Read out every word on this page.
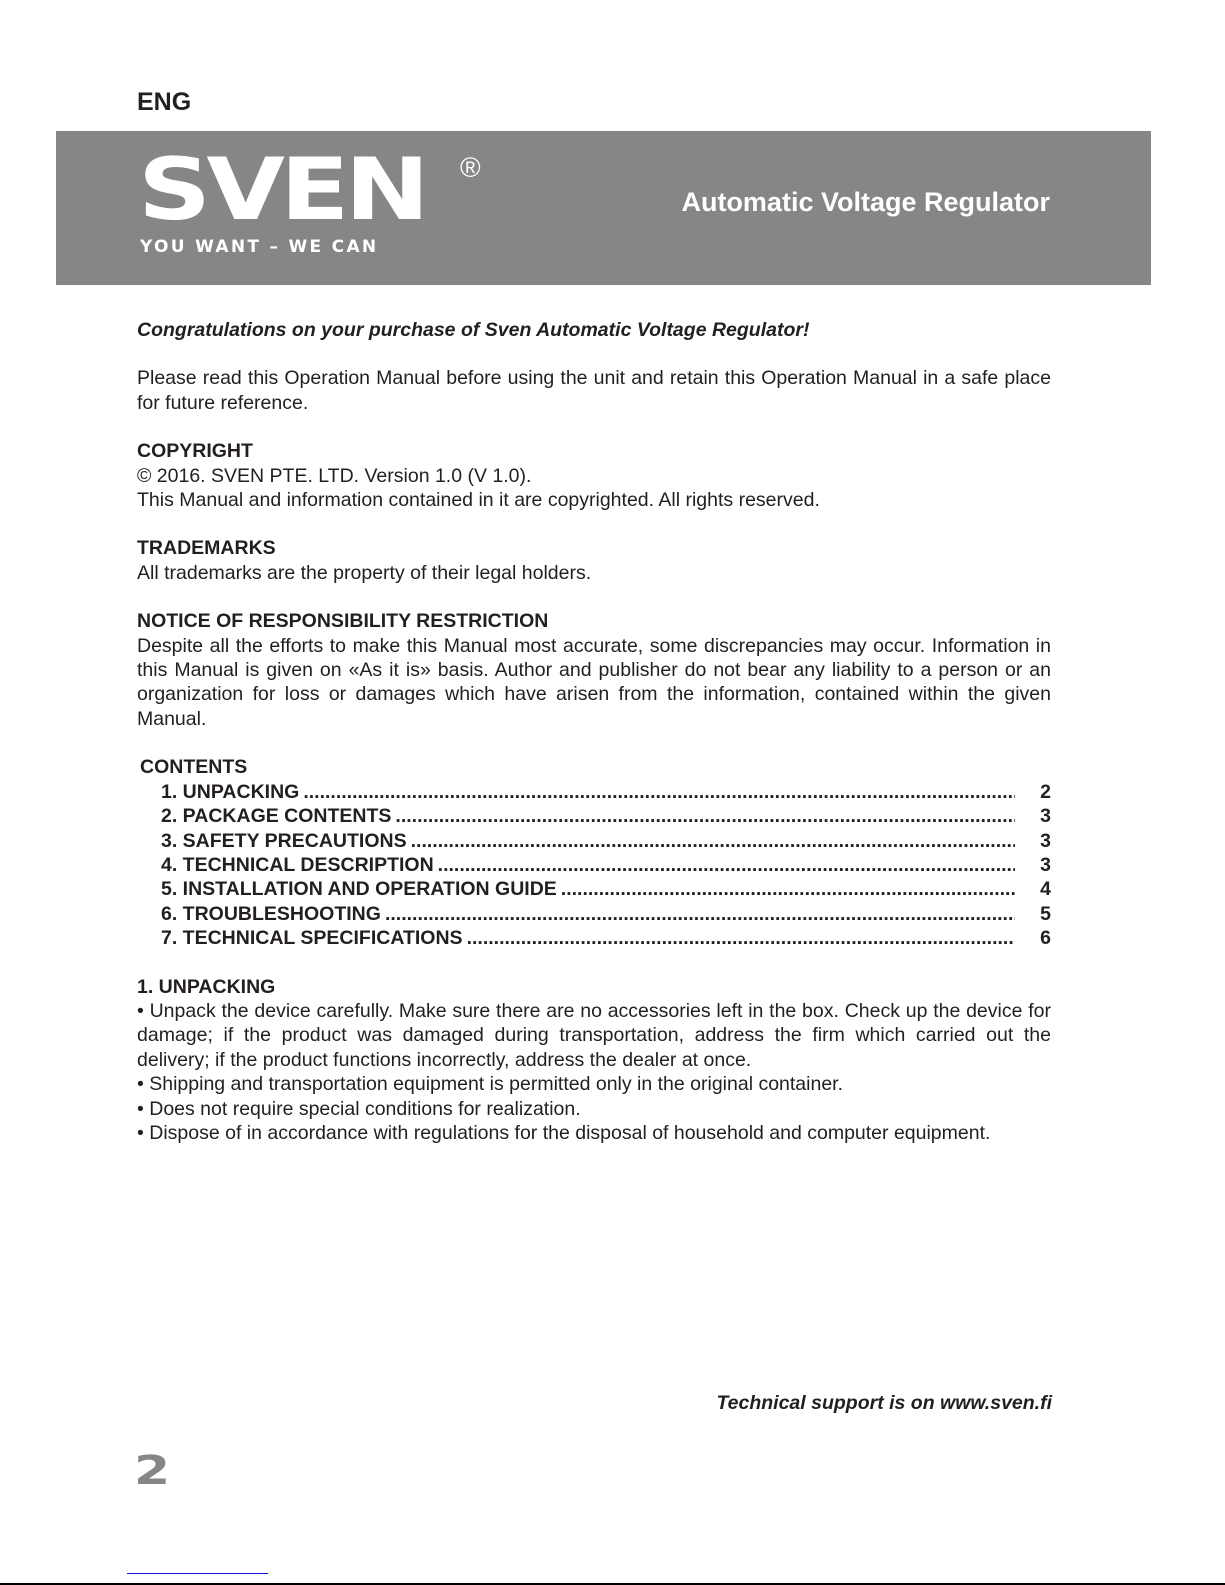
ENG
SVEN ®
YOU WANT – WE CAN
Automatic Voltage Regulator

Congratulations on your purchase of Sven Automatic Voltage Regulator!

Please read this Operation Manual before using the unit and retain this Operation Manual in a safe place for future reference.

COPYRIGHT

© 2016. SVEN PTE. LTD. Version 1.0 (V 1.0).

This Manual and information contained in it are copyrighted. All rights reserved.

TRADEMARKS

All trademarks are the property of their legal holders.

NOTICE OF RESPONSIBILITY RESTRICTION

Despite all the efforts to make this Manual most accurate, some discrepancies may occur. Information in this Manual is given on «As it is» basis. Author and publisher do not bear any liability to a person or an organization for loss or damages which have arisen from the information, contained within the given Manual.

CONTENTS
1. UNPACKING .....	2
2. PACKAGE CONTENTS .....	3
3. SAFETY PRECAUTIONS .....	3
4. TECHNICAL DESCRIPTION .....	3
5. INSTALLATION AND OPERATION GUIDE .....	4
6. TROUBLESHOOTING .....	5
7. TECHNICAL SPECIFICATIONS .....	6
1. UNPACKING

• Unpack the device carefully. Make sure there are no accessories left in the box. Check up the device for damage; if the product was damaged during transportation, address the firm which carried out the delivery; if the product functions incorrectly, address the dealer at once.

• Shipping and transportation equipment is permitted only in the original container.

• Does not require special conditions for realization.

• Dispose of in accordance with regulations for the disposal of household and computer equipment.

Technical support is on www.sven.fi
2
